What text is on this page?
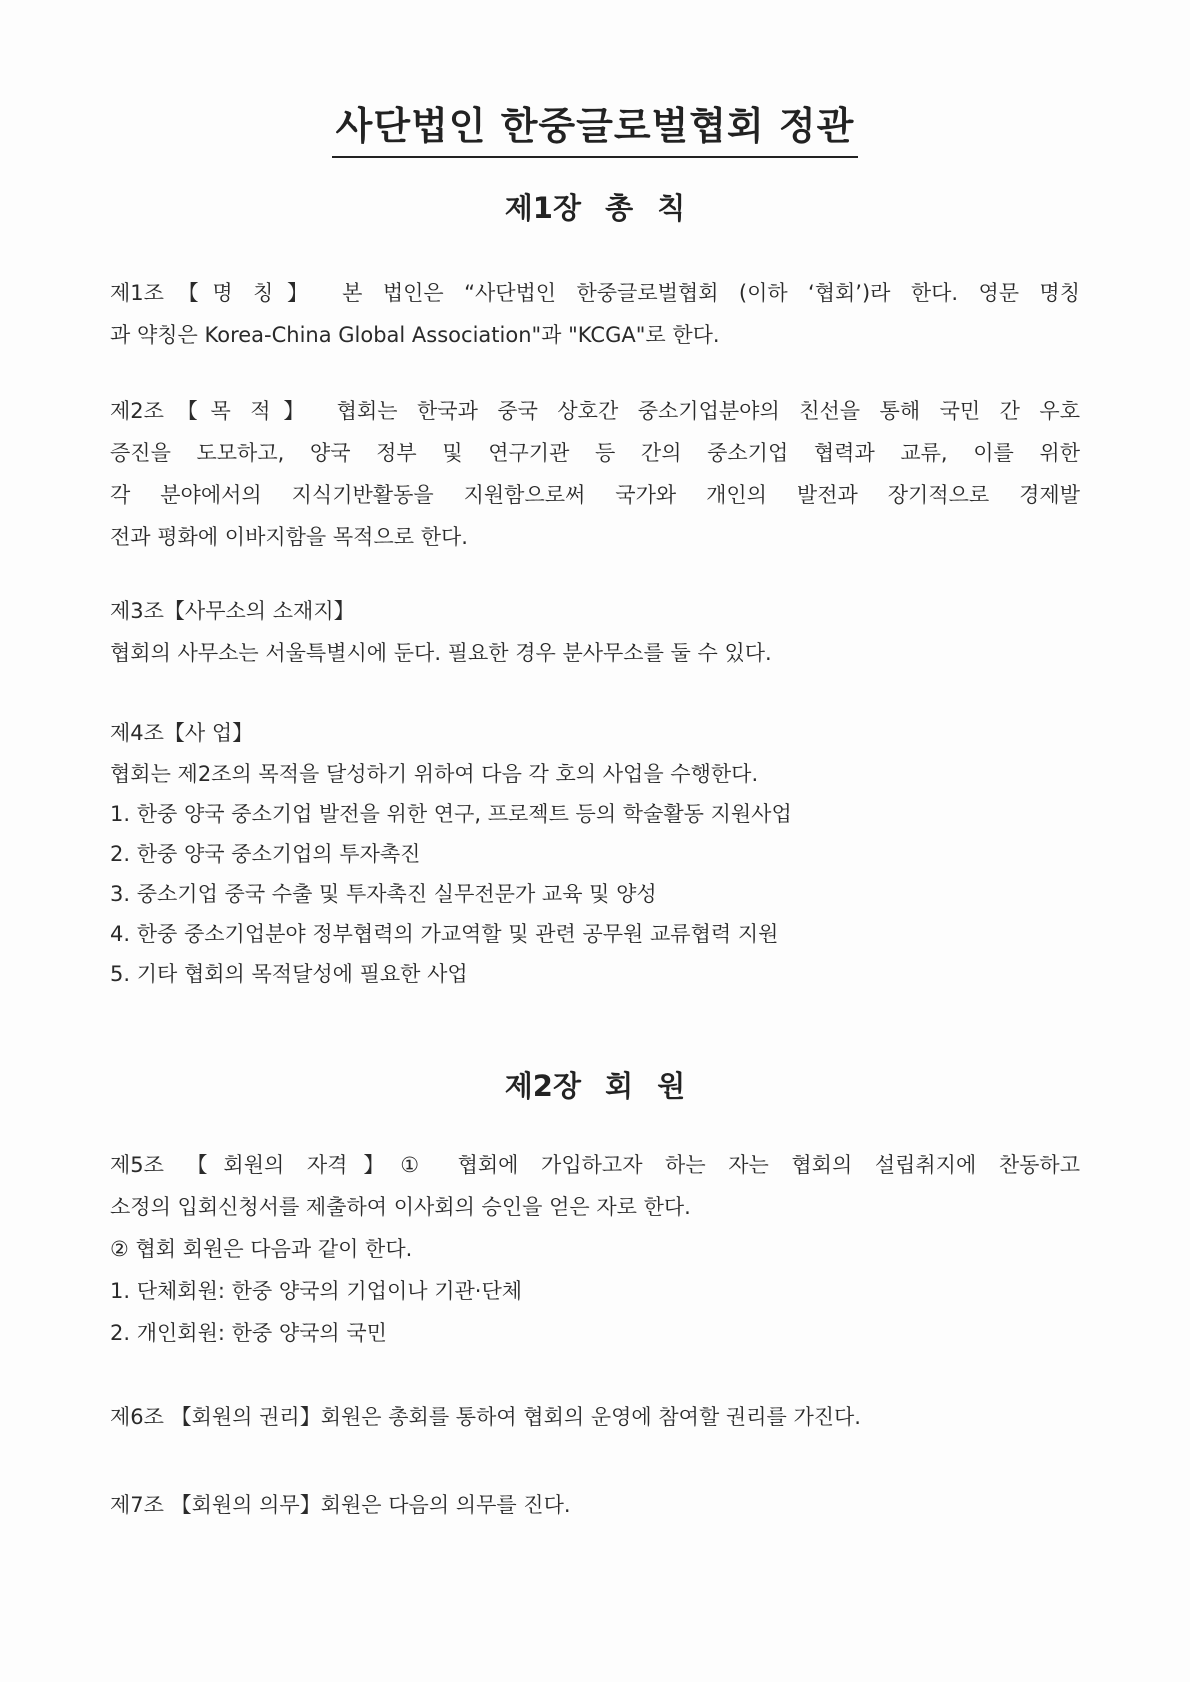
사단법인 한중글로벌협회 정관
제1장 총 칙
제1조【명 칭】 본 법인은 “사단법인 한중글로벌협회 (이하 ‘협회’)라 한다. 영문 명칭
과 약칭은 Korea-China Global Association"과 "KCGA"로 한다.
제2조【목 적】 협회는 한국과 중국 상호간 중소기업분야의 친선을 통해 국민 간 우호
증진을 도모하고, 양국 정부 및 연구기관 등 간의 중소기업 협력과 교류, 이를 위한
각 분야에서의 지식기반활동을 지원함으로써 국가와 개인의 발전과 장기적으로 경제발
전과 평화에 이바지함을 목적으로 한다.
제3조【사무소의 소재지】
협회의 사무소는 서울특별시에 둔다. 필요한 경우 분사무소를 둘 수 있다.
제4조【사 업】
협회는 제2조의 목적을 달성하기 위하여 다음 각 호의 사업을 수행한다.
1. 한중 양국 중소기업 발전을 위한 연구, 프로젝트 등의 학술활동 지원사업
2. 한중 양국 중소기업의 투자촉진
3. 중소기업 중국 수출 및 투자촉진 실무전문가 교육 및 양성
4. 한중 중소기업분야 정부협력의 가교역할 및 관련 공무원 교류협력 지원
5. 기타 협회의 목적달성에 필요한 사업
제2장 회 원
제5조 【회원의 자격】① 협회에 가입하고자 하는 자는 협회의 설립취지에 찬동하고
소정의 입회신청서를 제출하여 이사회의 승인을 얻은 자로 한다.
② 협회 회원은 다음과 같이 한다.
1. 단체회원: 한중 양국의 기업이나 기관·단체
2. 개인회원: 한중 양국의 국민
제6조 【회원의 권리】회원은 총회를 통하여 협회의 운영에 참여할 권리를 가진다.
제7조 【회원의 의무】회원은 다음의 의무를 진다.
